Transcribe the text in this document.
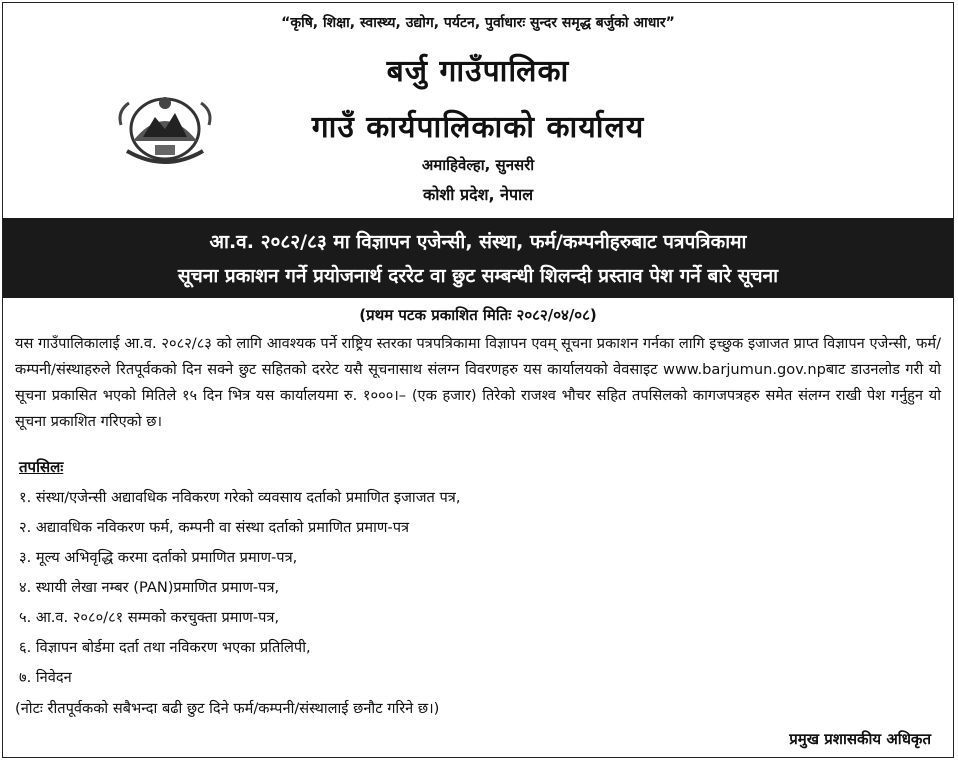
“कृषि, शिक्षा, स्वास्थ्य, उद्योग, पर्यटन, पुर्वाधारः सुन्दर समृद्ध बर्जुको आधार”
बर्जु गाउँपालिका
गाउँ कार्यपालिकाको कार्यालय
अमाहिवेल्हा, सुनसरी
कोशी प्रदेश, नेपाल
आ.व. २०८२/८३ मा विज्ञापन एजेन्सी, संस्था, फर्म/कम्पनीहरुबाट पत्रपत्रिकामा
सूचना प्रकाशन गर्ने प्रयोजनार्थ दररेट वा छुट सम्बन्धी शिलन्दी प्रस्ताव पेश गर्ने बारे सूचना
(प्रथम पटक प्रकाशित मितिः २०८२/०४/०८)
यस गाउँपालिकालाई आ.व. २०८२/८३ को लागि आवश्यक पर्ने राष्ट्रिय स्तरका पत्रपत्रिकामा विज्ञापन एवम् सूचना प्रकाशन गर्नका लागि इच्छुक इजाजत प्राप्त विज्ञापन एजेन्सी, फर्म/कम्पनी/संस्थाहरुले रितपूर्वकको दिन सक्ने छुट सहितको दररेट यसै सूचनासाथ संलग्न विवरणहरु यस कार्यालयको वेवसाइट www.barjumun.gov.npबाट डाउनलोड गरी यो सूचना प्रकासित भएको मितिले १५ दिन भित्र यस कार्यालयमा रु. १०००।– (एक हजार) तिरेको राजश्व भौचर सहित तपसिलको कागजपत्रहरु समेत संलग्न राखी पेश गर्नुहुन यो सूचना प्रकाशित गरिएको छ।
तपसिलः
१. संस्था/एजेन्सी अद्यावधिक नविकरण गरेको व्यवसाय दर्ताको प्रमाणित इजाजत पत्र,
२. अद्यावधिक नविकरण फर्म, कम्पनी वा संस्था दर्ताको प्रमाणित प्रमाण-पत्र
३. मूल्य अभिवृद्धि करमा दर्ताको प्रमाणित प्रमाण-पत्र,
४. स्थायी लेखा नम्बर (PAN)प्रमाणित प्रमाण-पत्र,
५. आ.व. २०८०/८१ सम्मको करचुक्ता प्रमाण-पत्र,
६. विज्ञापन बोर्डमा दर्ता तथा नविकरण भएका प्रतिलिपी,
७. निवेदन
(नोटः रीतपूर्वकको सबैभन्दा बढी छुट दिने फर्म/कम्पनी/संस्थालाई छनौट गरिने छ।)
प्रमुख प्रशासकीय अधिकृत
